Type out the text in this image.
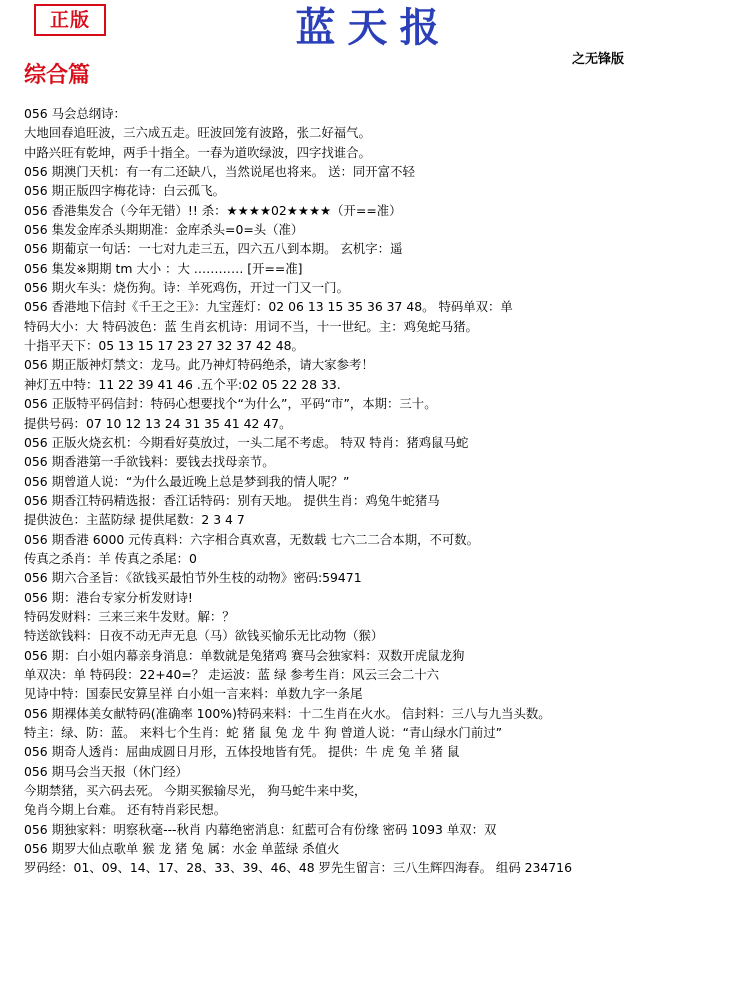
正版	蓝天报
之无锋版
综合篇
056 马会总纲诗：
大地回春追旺波，三六成五走。旺波回笼有波路，张二好福气。
中路兴旺有乾坤，两手十指全。一春为道吹绿波，四字找谁合。
056 期澳门天机：有一有二还缺八，当然说尾也将来。 送：同开富不轻
056 期正版四字梅花诗：白云孤飞。
056 香港集发合（今年无错）!! 杀：★★★★02★★★★（开==准）
056 集发金库杀头期期准：金库杀头=0=头（准）
056 期葡京一句话：一七对九走三五，四六五八到本期。 玄机字：遥
056 集发※期期 tm 大小 ：大 ………… [开==准]
056 期火车头：烧伤狗。诗：羊死鸡伤，开过一门又一门。
056 香港地下信封《千王之王》：九宝莲灯：02 06 13 15 35 36 37 48。 特码单双：单
特码大小：大 特码波色：蓝 生肖玄机诗：用词不当，十一世纪。主：鸡兔蛇马猪。
十指平天下：05 13 15 17 23 27 32 37 42 48。
056 期正版神灯禁文：龙马。此乃神灯特码绝杀，请大家参考！
神灯五中特：11 22 39 41 46 .五个平:02 05 22 28 33.
056 正版特平码信封：特码心想要找个“为什么”，平码“市”，本期：三十。
提供号码：07 10 12 13 24 31 35 41 42 47。
056 正版火烧玄机：今期看好莫放过，一头二尾不考虑。 特双 特肖：猪鸡鼠马蛇
056 期香港第一手欲钱料：要钱去找母亲节。
056 期曾道人说：“为什么最近晚上总是梦到我的情人呢？”
056 期香江特码精选报：香江话特码：别有天地。 提供生肖：鸡兔牛蛇猪马
提供波色：主蓝防绿 提供尾数：2 3 4 7
056 期香港 6000 元传真料：六字相合真欢喜，无数载 七六二二合本期，不可数。
传真之杀肖：羊 传真之杀尾：0
056 期六合圣旨：《欲钱买最怕节外生枝的动物》密码:59471
056 期：港台专家分析发财诗!
特码发财料：三来三来牛发财。解：？
特送欲钱料：日夜不动无声无息（马）欲钱买愉乐无比动物（猴）
056 期：白小姐内幕亲身消息：单数就是兔猪鸡 赛马会独家料：双数开虎鼠龙狗
单双决：单 特码段：22+40=？ 走运波：蓝 绿 参考生肖：风云三会二十六
见诗中特：国泰民安算呈祥 白小姐一言来料：单数九字一条尾
056 期裸体美女献特码(准确率 100%)特码来料：十二生肖在火水。 信封料：三八与九当头数。
特主：绿、防：蓝。 来料七个生肖：蛇 猪 鼠 兔 龙 牛 狗 曾道人说：“青山绿水门前过”
056 期奇人透肖：屈曲成圆日月形，五体投地皆有凭。 提供：牛 虎 兔 羊 猪 鼠
056 期马会当天报（休门经）
今期禁猪，买六码去死。 今期买猴输尽光， 狗马蛇牛来中奖，
兔肖今期上台难。 还有特肖彩民想。
056 期独家料：明察秋毫---秋肖 内幕绝密消息：紅藍可合有份缘 密码 1093 单双：双
056 期罗大仙点歌单 猴 龙 猪 兔 属：水金 单蓝绿 杀值火
罗码经：01、09、14、17、28、33、39、46、48 罗先生留言：三八生辉四海春。 组码 234716
